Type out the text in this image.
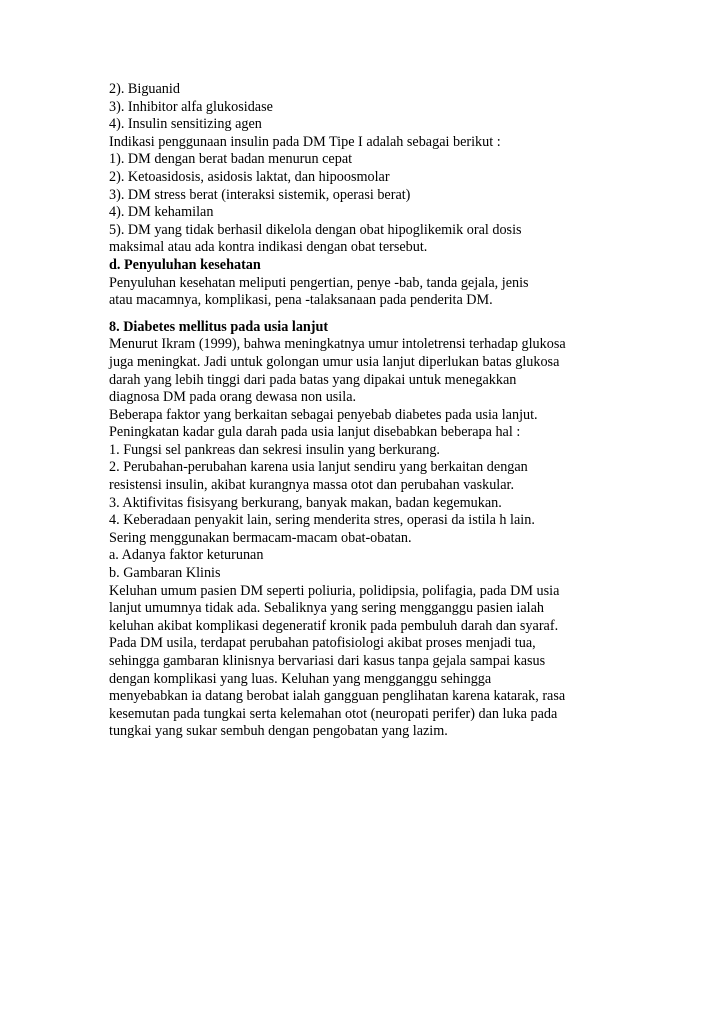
2). Biguanid
3). Inhibitor alfa glukosidase
4). Insulin sensitizing agen
Indikasi penggunaan insulin pada DM Tipe I adalah sebagai berikut :
1). DM dengan berat badan menurun cepat
2). Ketoasidosis, asidosis laktat, dan hipoosmolar
3). DM stress berat (interaksi sistemik, operasi berat)
4). DM kehamilan
5). DM yang tidak berhasil dikelola dengan obat hipoglikemik oral dosis
maksimal atau ada kontra indikasi dengan obat tersebut.
d. Penyuluhan kesehatan
Penyuluhan kesehatan meliputi pengertian, penye -bab, tanda gejala, jenis
atau macamnya, komplikasi, pena -talaksanaan pada penderita DM.
8. Diabetes mellitus pada usia lanjut
Menurut Ikram (1999), bahwa meningkatnya umur intoletrensi terhadap glukosa
juga meningkat. Jadi untuk golongan umur usia lanjut diperlukan batas glukosa
darah yang lebih tinggi dari pada batas yang dipakai untuk menegakkan
diagnosa DM pada orang dewasa non usila.
Beberapa faktor yang berkaitan sebagai penyebab diabetes pada usia lanjut.
Peningkatan kadar gula darah pada usia lanjut disebabkan beberapa hal :
1. Fungsi sel pankreas dan sekresi insulin yang berkurang.
2. Perubahan-perubahan karena usia lanjut sendiru yang berkaitan dengan
resistensi insulin, akibat kurangnya massa otot dan perubahan vaskular.
3. Aktifivitas fisisyang berkurang, banyak makan, badan kegemukan.
4. Keberadaan penyakit lain, sering menderita stres, operasi da istila h lain.
Sering menggunakan bermacam-macam obat-obatan.
a. Adanya faktor keturunan
b. Gambaran Klinis
Keluhan umum pasien DM seperti poliuria, polidipsia, polifagia, pada DM usia
lanjut umumnya tidak ada. Sebaliknya yang sering mengganggu pasien ialah
keluhan akibat komplikasi degeneratif kronik pada pembuluh darah dan syaraf.
Pada DM usila, terdapat perubahan patofisiologi akibat proses menjadi tua,
sehingga gambaran klinisnya bervariasi dari kasus tanpa gejala sampai kasus
dengan komplikasi yang luas. Keluhan yang mengganggu sehingga
menyebabkan ia datang berobat ialah gangguan penglihatan karena katarak, rasa
kesemutan pada tungkai serta kelemahan otot (neuropati perifer) dan luka pada
tungkai yang sukar sembuh dengan pengobatan yang lazim.
